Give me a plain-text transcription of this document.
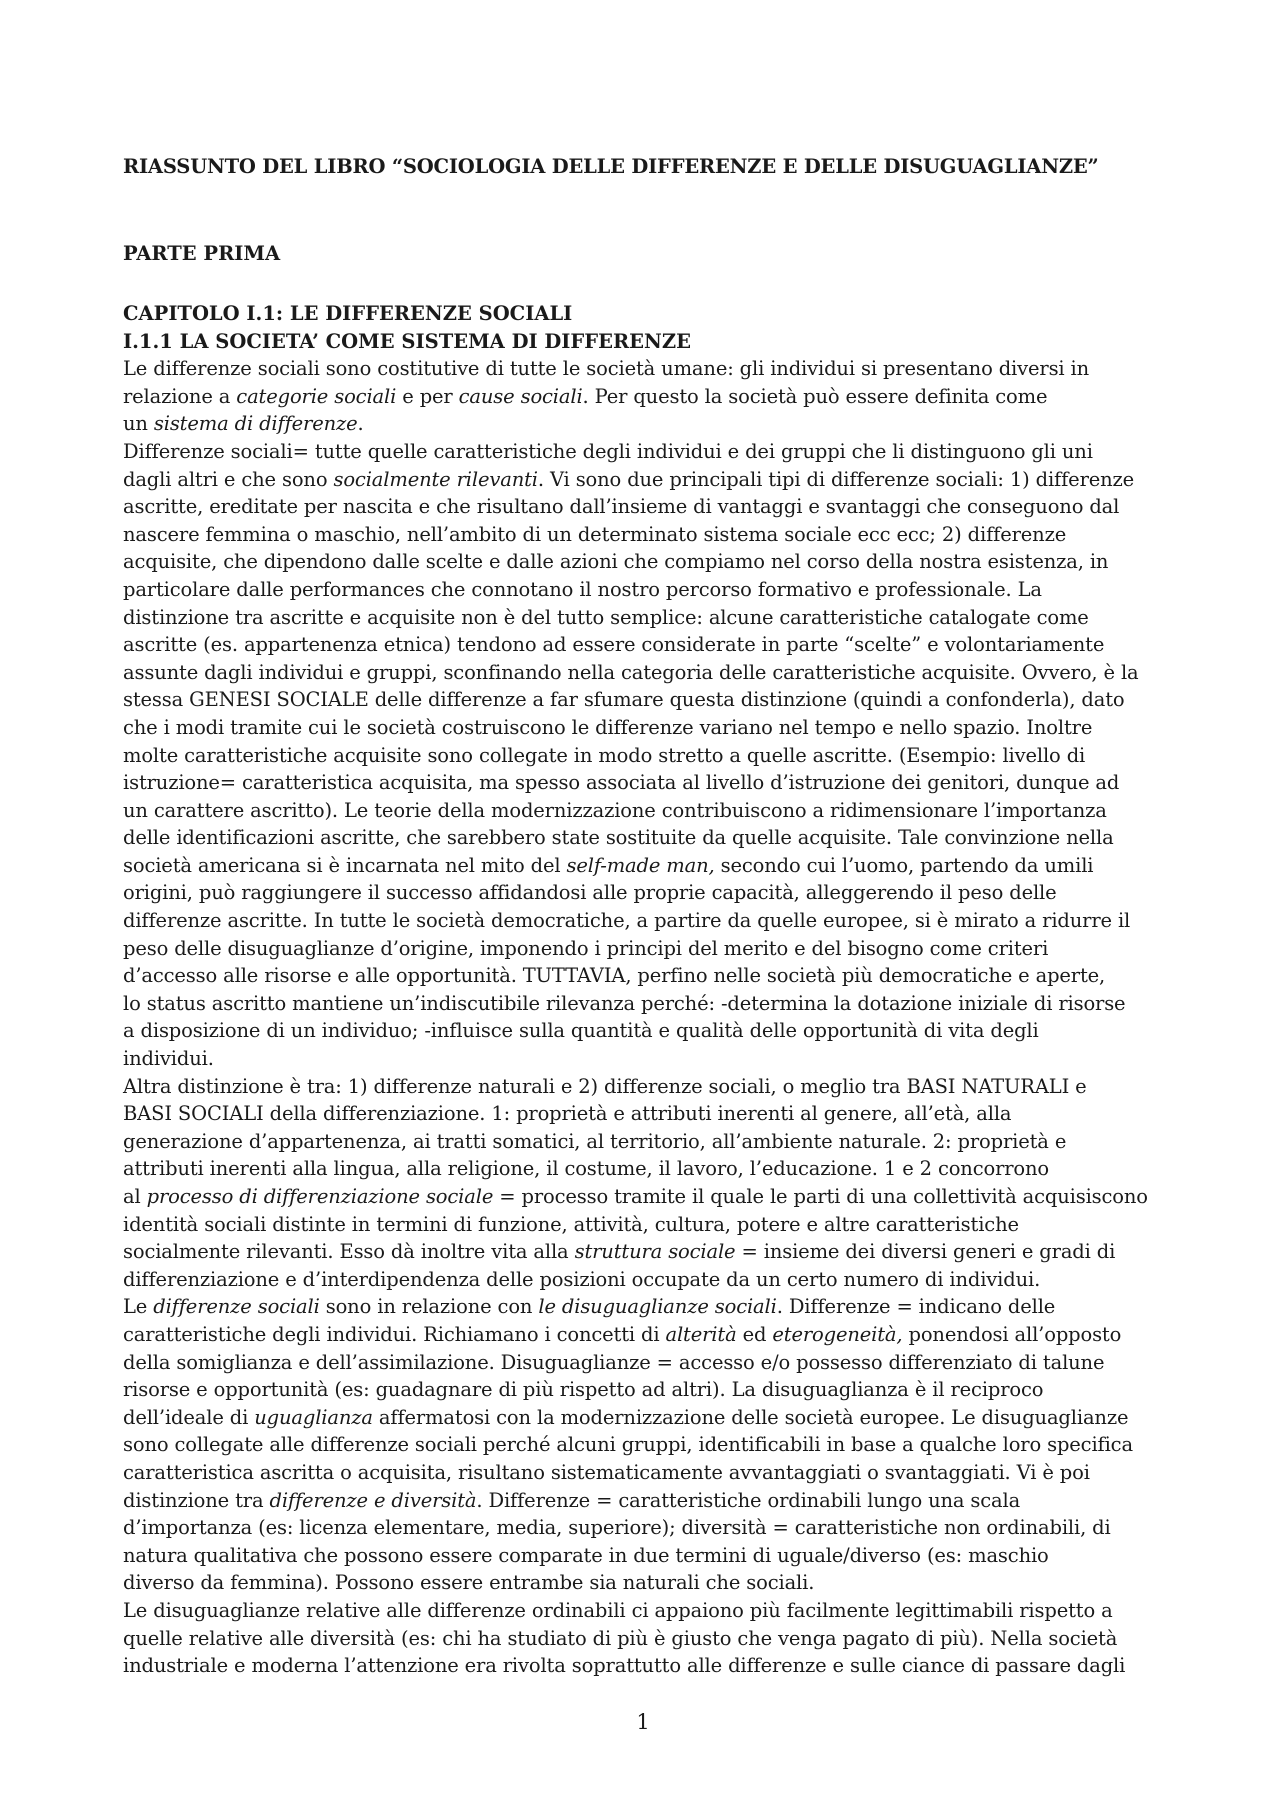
RIASSUNTO DEL LIBRO “SOCIOLOGIA DELLE DIFFERENZE E DELLE DISUGUAGLIANZE”
PARTE PRIMA
CAPITOLO I.1: LE DIFFERENZE SOCIALI
I.1.1 LA SOCIETA’ COME SISTEMA DI DIFFERENZE
Le differenze sociali sono costitutive di tutte le società umane: gli individui si presentano diversi in
relazione a categorie sociali e per cause sociali. Per questo la società può essere definita come
un sistema di differenze.
Differenze sociali= tutte quelle caratteristiche degli individui e dei gruppi che li distinguono gli uni
dagli altri e che sono socialmente rilevanti. Vi sono due principali tipi di differenze sociali: 1) differenze
ascritte, ereditate per nascita e che risultano dall’insieme di vantaggi e svantaggi che conseguono dal
nascere femmina o maschio, nell’ambito di un determinato sistema sociale ecc ecc; 2) differenze
acquisite, che dipendono dalle scelte e dalle azioni che compiamo nel corso della nostra esistenza, in
particolare dalle performances che connotano il nostro percorso formativo e professionale. La
distinzione tra ascritte e acquisite non è del tutto semplice: alcune caratteristiche catalogate come
ascritte (es. appartenenza etnica) tendono ad essere considerate in parte “scelte” e volontariamente
assunte dagli individui e gruppi, sconfinando nella categoria delle caratteristiche acquisite. Ovvero, è la
stessa GENESI SOCIALE delle differenze a far sfumare questa distinzione (quindi a confonderla), dato
che i modi tramite cui le società costruiscono le differenze variano nel tempo e nello spazio. Inoltre
molte caratteristiche acquisite sono collegate in modo stretto a quelle ascritte. (Esempio: livello di
istruzione= caratteristica acquisita, ma spesso associata al livello d’istruzione dei genitori, dunque ad
un carattere ascritto). Le teorie della modernizzazione contribuiscono a ridimensionare l’importanza
delle identificazioni ascritte, che sarebbero state sostituite da quelle acquisite. Tale convinzione nella
società americana si è incarnata nel mito del self-made man, secondo cui l’uomo, partendo da umili
origini, può raggiungere il successo affidandosi alle proprie capacità, alleggerendo il peso delle
differenze ascritte. In tutte le società democratiche, a partire da quelle europee, si è mirato a ridurre il
peso delle disuguaglianze d’origine, imponendo i principi del merito e del bisogno come criteri
d’accesso alle risorse e alle opportunità. TUTTAVIA, perfino nelle società più democratiche e aperte,
lo status ascritto mantiene un’indiscutibile rilevanza perché: -determina la dotazione iniziale di risorse
a disposizione di un individuo; -influisce sulla quantità e qualità delle opportunità di vita degli
individui.
Altra distinzione è tra: 1) differenze naturali e 2) differenze sociali, o meglio tra BASI NATURALI e
BASI SOCIALI della differenziazione. 1: proprietà e attributi inerenti al genere, all’età, alla
generazione d’appartenenza, ai tratti somatici, al territorio, all’ambiente naturale. 2: proprietà e
attributi inerenti alla lingua, alla religione, il costume, il lavoro, l’educazione. 1 e 2 concorrono
al processo di differenziazione sociale = processo tramite il quale le parti di una collettività acquisiscono
identità sociali distinte in termini di funzione, attività, cultura, potere e altre caratteristiche
socialmente rilevanti. Esso dà inoltre vita alla struttura sociale = insieme dei diversi generi e gradi di
differenziazione e d’interdipendenza delle posizioni occupate da un certo numero di individui.
Le differenze sociali sono in relazione con le disuguaglianze sociali. Differenze = indicano delle
caratteristiche degli individui. Richiamano i concetti di alterità ed eterogeneità, ponendosi all’opposto
della somiglianza e dell’assimilazione. Disuguaglianze = accesso e/o possesso differenziato di talune
risorse e opportunità (es: guadagnare di più rispetto ad altri). La disuguaglianza è il reciproco
dell’ideale di uguaglianza affermatosi con la modernizzazione delle società europee. Le disuguaglianze
sono collegate alle differenze sociali perché alcuni gruppi, identificabili in base a qualche loro specifica
caratteristica ascritta o acquisita, risultano sistematicamente avvantaggiati o svantaggiati. Vi è poi
distinzione tra differenze e diversità. Differenze = caratteristiche ordinabili lungo una scala
d’importanza (es: licenza elementare, media, superiore); diversità = caratteristiche non ordinabili, di
natura qualitativa che possono essere comparate in due termini di uguale/diverso (es: maschio
diverso da femmina). Possono essere entrambe sia naturali che sociali.
Le disuguaglianze relative alle differenze ordinabili ci appaiono più facilmente legittimabili rispetto a
quelle relative alle diversità (es: chi ha studiato di più è giusto che venga pagato di più). Nella società
industriale e moderna l’attenzione era rivolta soprattutto alle differenze e sulle ciance di passare dagli
1
